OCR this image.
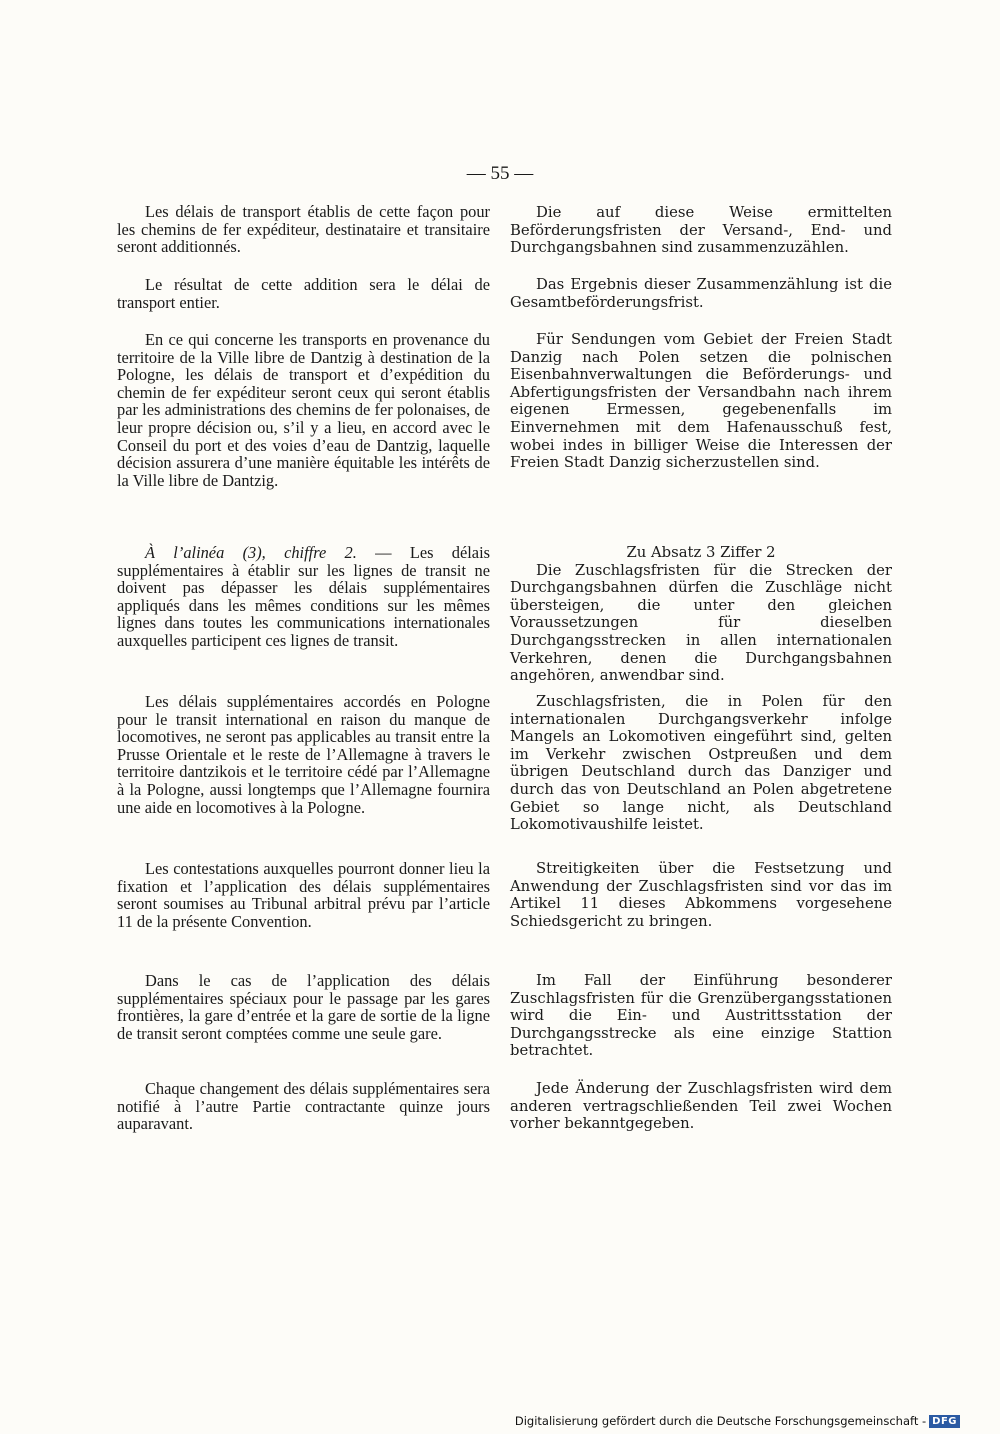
— 55 —

Les délais de transport établis de cette façon pour les chemins de fer expéditeur, destinataire et transitaire seront additionnés.

Le résultat de cette addition sera le délai de transport entier.

En ce qui concerne les transports en provenance du territoire de la Ville libre de Dantzig à destination de la Pologne, les délais de transport et d’expédition du chemin de fer expéditeur seront ceux qui seront établis par les administrations des chemins de fer polonaises, de leur propre décision ou, s’il y a lieu, en accord avec le Conseil du port et des voies d’eau de Dantzig, laquelle décision assurera d’une manière équitable les intérêts de la Ville libre de Dantzig.

À l’alinéa (3), chiffre 2. — Les délais supplémentaires à établir sur les lignes de transit ne doivent pas dépasser les délais supplémentaires appliqués dans les mêmes conditions sur les mêmes lignes dans toutes les communications internationales auxquelles participent ces lignes de transit.

Les délais supplémentaires accordés en Pologne pour le transit international en raison du manque de locomotives, ne seront pas applicables au transit entre la Prusse Orientale et le reste de l’Allemagne à travers le territoire dantzikois et le territoire cédé par l’Allemagne à la Pologne, aussi longtemps que l’Allemagne fournira une aide en locomotives à la Pologne.

Les contestations auxquelles pourront donner lieu la fixation et l’application des délais supplémentaires seront soumises au Tribunal arbitral prévu par l’article 11 de la présente Convention.

Dans le cas de l’application des délais supplémentaires spéciaux pour le passage par les gares frontières, la gare d’entrée et la gare de sortie de la ligne de transit seront comptées comme une seule gare.

Chaque changement des délais supplémentaires sera notifié à l’autre Partie contractante quinze jours auparavant.

Die auf diese Weise ermittelten Beförderungsfristen der Versand-, End- und Durchgangsbahnen sind zusammenzuzählen.

Das Ergebnis dieser Zusammenzählung ist die Gesamtbeförderungsfrist.

Für Sendungen vom Gebiet der Freien Stadt Danzig nach Polen setzen die polnischen Eisenbahnverwaltungen die Beförderungs- und Abfertigungsfristen der Versandbahn nach ihrem eigenen Ermessen, gegebenenfalls im Einvernehmen mit dem Hafenausschuß fest, wobei indes in billiger Weise die Interessen der Freien Stadt Danzig sicherzustellen sind.

Zu Absatz 3 Ziffer 2

Die Zuschlagsfristen für die Strecken der Durchgangsbahnen dürfen die Zuschläge nicht übersteigen, die unter den gleichen Voraussetzungen für dieselben Durchgangsstrecken in allen internationalen Verkehren, denen die Durchgangsbahnen angehören, anwendbar sind.

Zuschlagsfristen, die in Polen für den internationalen Durchgangsverkehr infolge Mangels an Lokomotiven eingeführt sind, gelten im Verkehr zwischen Ostpreußen und dem übrigen Deutschland durch das Danziger und durch das von Deutschland an Polen abgetretene Gebiet so lange nicht, als Deutschland Lokomotivaushilfe leistet.

Streitigkeiten über die Festsetzung und Anwendung der Zuschlagsfristen sind vor das im Artikel 11 dieses Abkommens vorgesehene Schiedsgericht zu bringen.

Im Fall der Einführung besonderer Zuschlagsfristen für die Grenzübergangsstationen wird die Ein- und Austrittsstation der Durchgangsstrecke als eine einzige Stattion betrachtet.

Jede Änderung der Zuschlagsfristen wird dem anderen vertragschließenden Teil zwei Wochen vorher bekanntgegeben.

Digitalisierung gefördert durch die Deutsche Forschungsgemeinschaft - DFG
